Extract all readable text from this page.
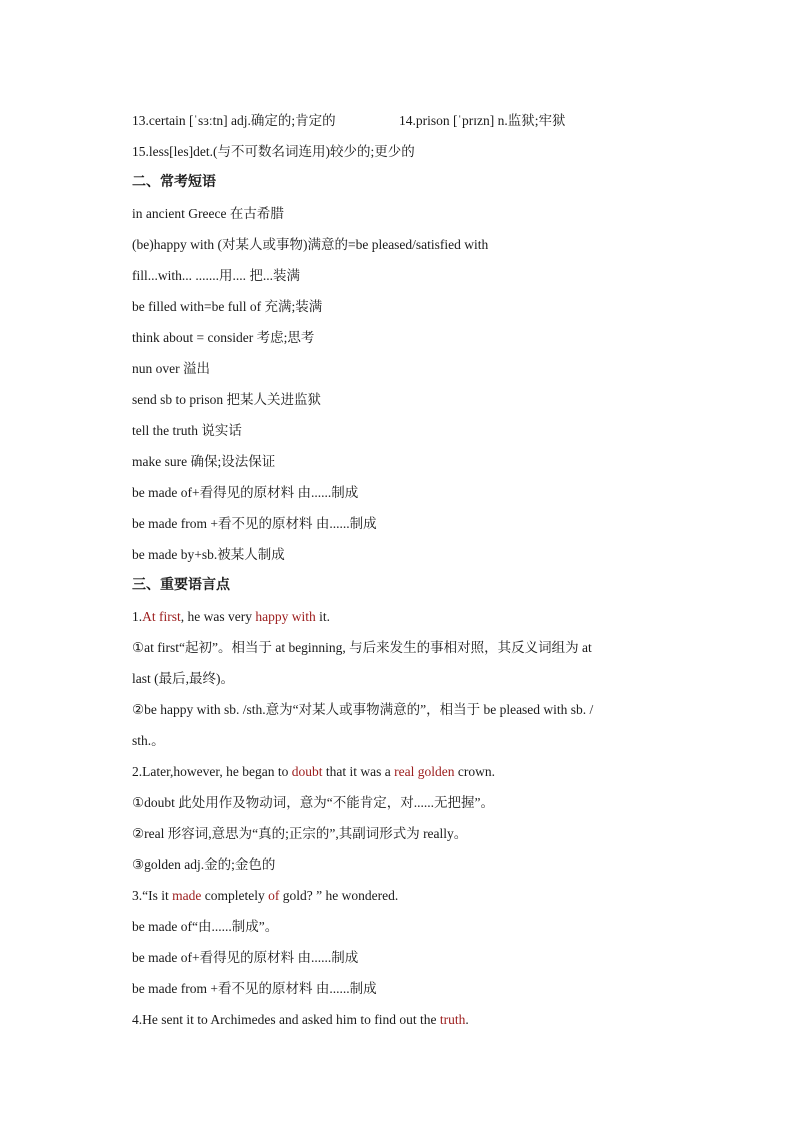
13.certain [ˈsɜːtn] adj.确定的;肯定的	14.prison [ˈprɪzn] n.监狱;牢狱
15.less[les]det.(与不可数名词连用)较少的;更少的
二、常考短语
in ancient Greece 在古希腊
(be)happy with (对某人或事物)满意的=be pleased/satisfied with
fill...with... .......用.... 把...装满
be filled with=be full of 充满;装满
think about = consider 考虑;思考
nun over 溢出
send sb to prison 把某人关进监狱
tell the truth 说实话
make sure 确保;设法保证
be made of+看得见的原材料 由......制成
be made from +看不见的原材料 由......制成
be made by+sb.被某人制成
三、重要语言点
1.At first, he was very happy with it.
①at first“起初”。相当于 at beginning, 与后来发生的事相对照，其反义词组为 at
last (最后,最终)。
②be happy with sb. /sth.意为“对某人或事物满意的”，相当于 be pleased with sb. /
sth.。
2.Later,however, he began to doubt that it was a real golden crown.
①doubt 此处用作及物动词，意为“不能肯定，对......无把握”。
②real 形容词,意思为“真的;正宗的”,其副词形式为 really。
③golden adj.金的;金色的
3.“Is it made completely of gold? ” he wondered.
be made of“由......制成”。
be made of+看得见的原材料 由......制成
be made from +看不见的原材料 由......制成
4.He sent it to Archimedes and asked him to find out the truth.
